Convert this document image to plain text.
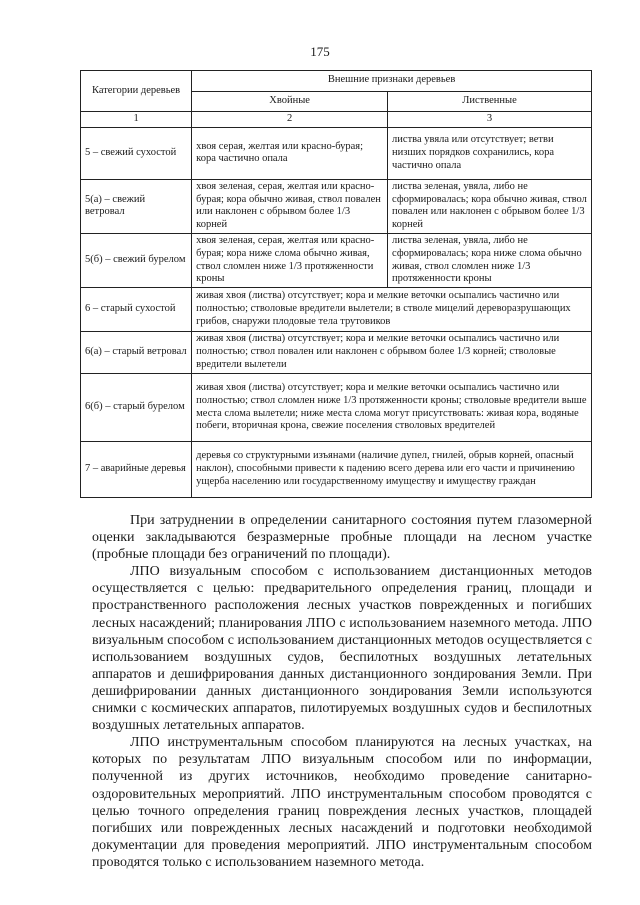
175
Категории деревьев	Внешние признаки деревьев	
	Хвойные	Лиственные
1	2	3
5 – свежий сухостой	хвоя серая, желтая или красно-бурая; кора частично опала	листва увяла или отсутствует; ветви низших порядков сохранились, кора частично опала
5(а) – свежий ветровал	хвоя зеленая, серая, желтая или красно-бурая; кора обычно живая, ствол повален или наклонен с обрывом более 1/3 корней	листва зеленая, увяла, либо не сформировалась; кора обычно живая, ствол повален или наклонен с обрывом более 1/3 корней
5(б) – свежий бурелом	хвоя зеленая, серая, желтая или красно-бурая; кора ниже слома обычно живая, ствол сломлен ниже 1/3 протяженности кроны	листва зеленая, увяла, либо не сформировалась; кора ниже слома обычно живая, ствол сломлен ниже 1/3 протяженности кроны
6 – старый сухостой	живая хвоя (листва) отсутствует; кора и мелкие веточки осыпались частично или полностью; стволовые вредители вылетели; в стволе мицелий дереворазрушающих грибов, снаружи плодовые тела трутовиков	
6(а) – старый ветровал	живая хвоя (листва) отсутствует; кора и мелкие веточки осыпались частично или полностью; ствол повален или наклонен с обрывом более 1/3 корней; стволовые вредители вылетели	
6(б) – старый бурелом	живая хвоя (листва) отсутствует; кора и мелкие веточки осыпались частично или полностью; ствол сломлен ниже 1/3 протяженности кроны; стволовые вредители выше места слома вылетели; ниже места слома могут присутствовать: живая кора, водяные побеги, вторичная крона, свежие поселения стволовых вредителей	
7 – аварийные деревья	деревья со структурными изъянами (наличие дупел, гнилей, обрыв корней, опасный наклон), способными привести к падению всего дерева или его части и причинению ущерба населению или государственному имуществу и имуществу граждан	

При затруднении в определении санитарного состояния путем глазомерной оценки закладываются безразмерные пробные площади на лесном участке (пробные площади без ограничений по площади).

ЛПО визуальным способом с использованием дистанционных методов осуществляется с целью: предварительного определения границ, площади и пространственного расположения лесных участков поврежденных и погибших лесных насаждений; планирования ЛПО с использованием наземного метода. ЛПО визуальным способом с использованием дистанционных методов осуществляется с использованием воздушных судов, беспилотных воздушных летательных аппаратов и дешифрирования данных дистанционного зондирования Земли. При дешифрировании данных дистанционного зондирования Земли используются снимки с космических аппаратов, пилотируемых воздушных судов и беспилотных воздушных летательных аппаратов.

ЛПО инструментальным способом планируются на лесных участках, на которых по результатам ЛПО визуальным способом или по информации, полученной из других источников, необходимо проведение санитарно-оздоровительных мероприятий. ЛПО инструментальным способом проводятся с целью точного определения границ повреждения лесных участков, площадей погибших или поврежденных лесных насаждений и подготовки необходимой документации для проведения мероприятий. ЛПО инструментальным способом проводятся только с использованием наземного метода.
